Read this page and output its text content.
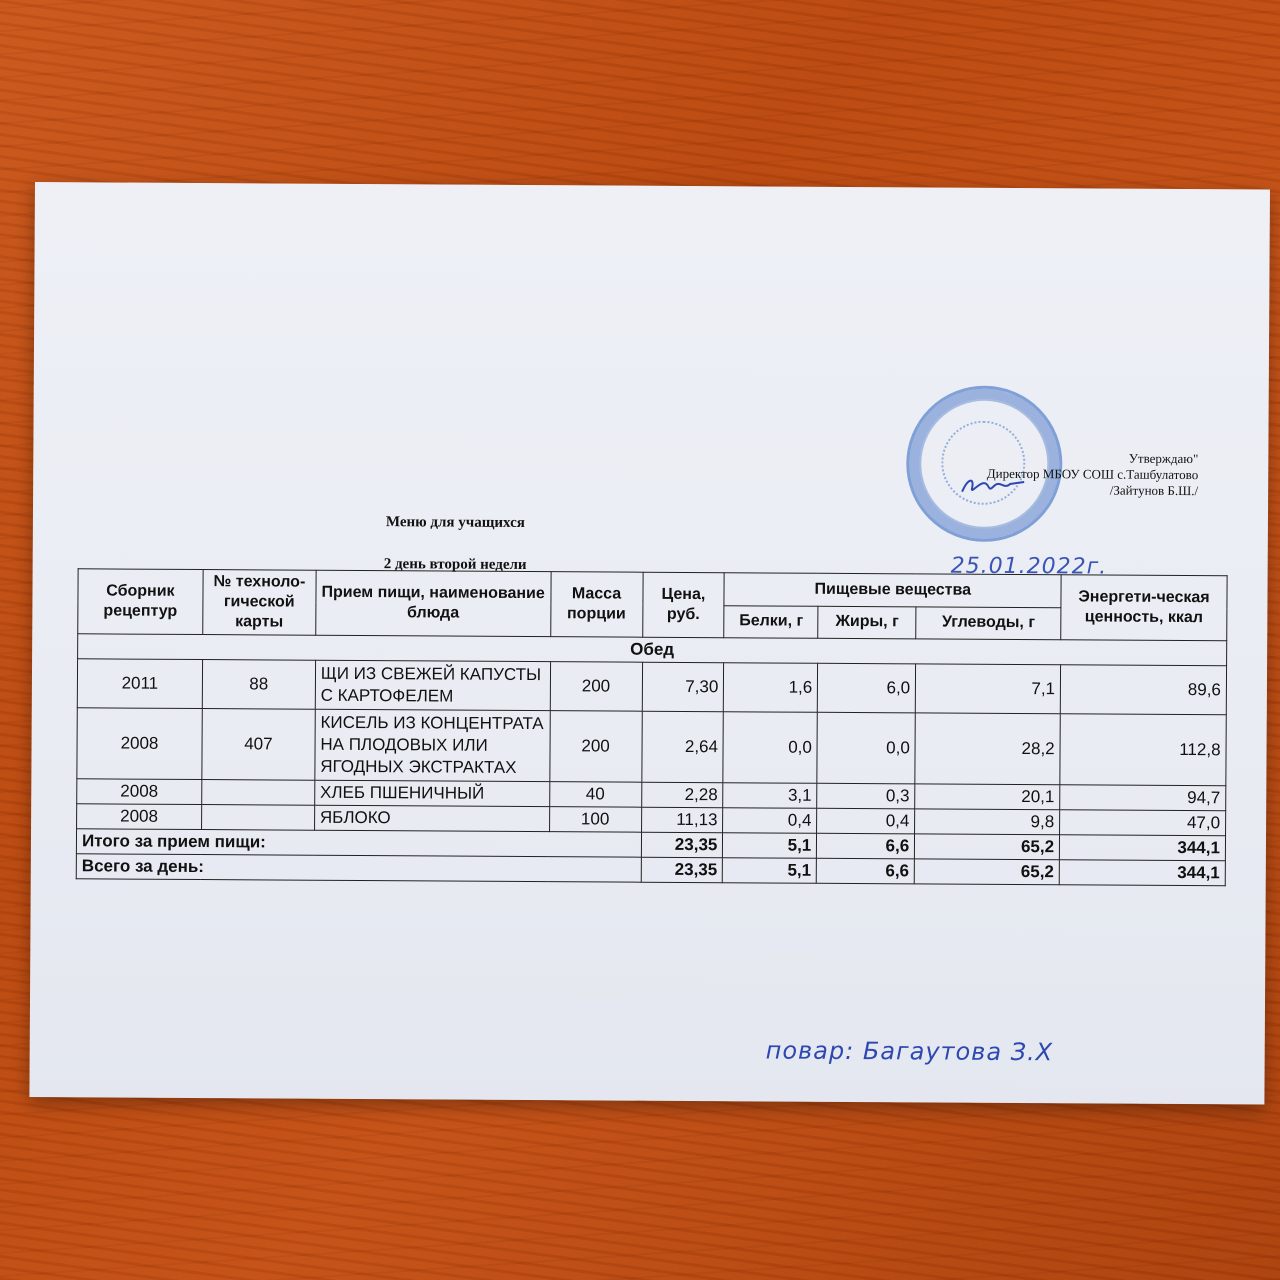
Утверждаю"
Директор МБОУ СОШ с.Ташбулатово
/Зайтунов Б.Ш./
Меню для учащихся
2 день второй недели	25.01.2022г.
Сборник рецептур	№ техноло-гической карты	Прием пищи, наименование блюда	Масса порции	Цена, руб.	Пищевые вещества			Энергети-ческая ценность, ккал
					Белки, г	Жиры, г	Углеводы, г	
Обед								
2011	88	ЩИ ИЗ СВЕЖЕЙ КАПУСТЫ С КАРТОФЕЛЕМ	200	7,30	1,6	6,0	7,1	89,6
2008	407	КИСЕЛЬ ИЗ КОНЦЕНТРАТА НА ПЛОДОВЫХ ИЛИ ЯГОДНЫХ ЭКСТРАКТАХ	200	2,64	0,0	0,0	28,2	112,8
2008		ХЛЕБ ПШЕНИЧНЫЙ	40	2,28	3,1	0,3	20,1	94,7
2008		ЯБЛОКО	100	11,13	0,4	0,4	9,8	47,0
Итого за прием пищи:				23,35	5,1	6,6	65,2	344,1
Всего за день:				23,35	5,1	6,6	65,2	344,1
повар: Багаутова З.Х
